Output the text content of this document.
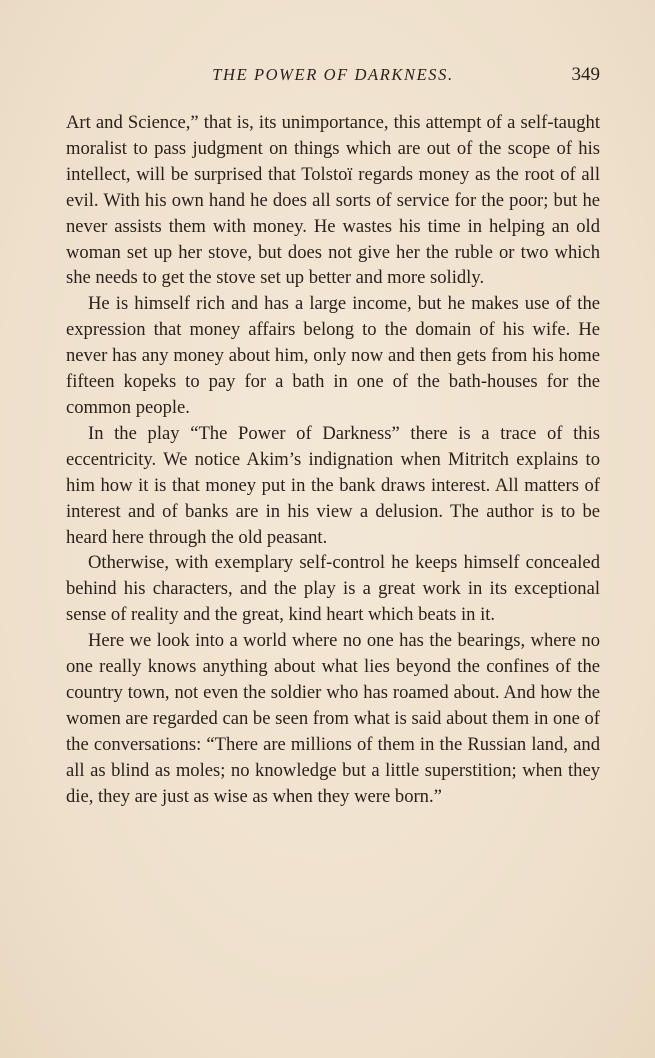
THE POWER OF DARKNESS.	349

Art and Science,” that is, its unimportance, this attempt of a self-taught moralist to pass judgment on things which are out of the scope of his intellect, will be surprised that Tolstoï regards money as the root of all evil. With his own hand he does all sorts of service for the poor; but he never assists them with money. He wastes his time in helping an old woman set up her stove, but does not give her the ruble or two which she needs to get the stove set up better and more solidly.

He is himself rich and has a large income, but he makes use of the expression that money affairs belong to the domain of his wife. He never has any money about him, only now and then gets from his home fifteen kopeks to pay for a bath in one of the bath-houses for the common people.

In the play “The Power of Darkness” there is a trace of this eccentricity. We notice Akim’s indignation when Mitritch explains to him how it is that money put in the bank draws interest. All matters of interest and of banks are in his view a delusion. The author is to be heard here through the old peasant.

Otherwise, with exemplary self-control he keeps himself concealed behind his characters, and the play is a great work in its exceptional sense of reality and the great, kind heart which beats in it.

Here we look into a world where no one has the bearings, where no one really knows anything about what lies beyond the confines of the country town, not even the soldier who has roamed about. And how the women are regarded can be seen from what is said about them in one of the conversations: “There are millions of them in the Russian land, and all as blind as moles; no knowledge but a little superstition; when they die, they are just as wise as when they were born.”
